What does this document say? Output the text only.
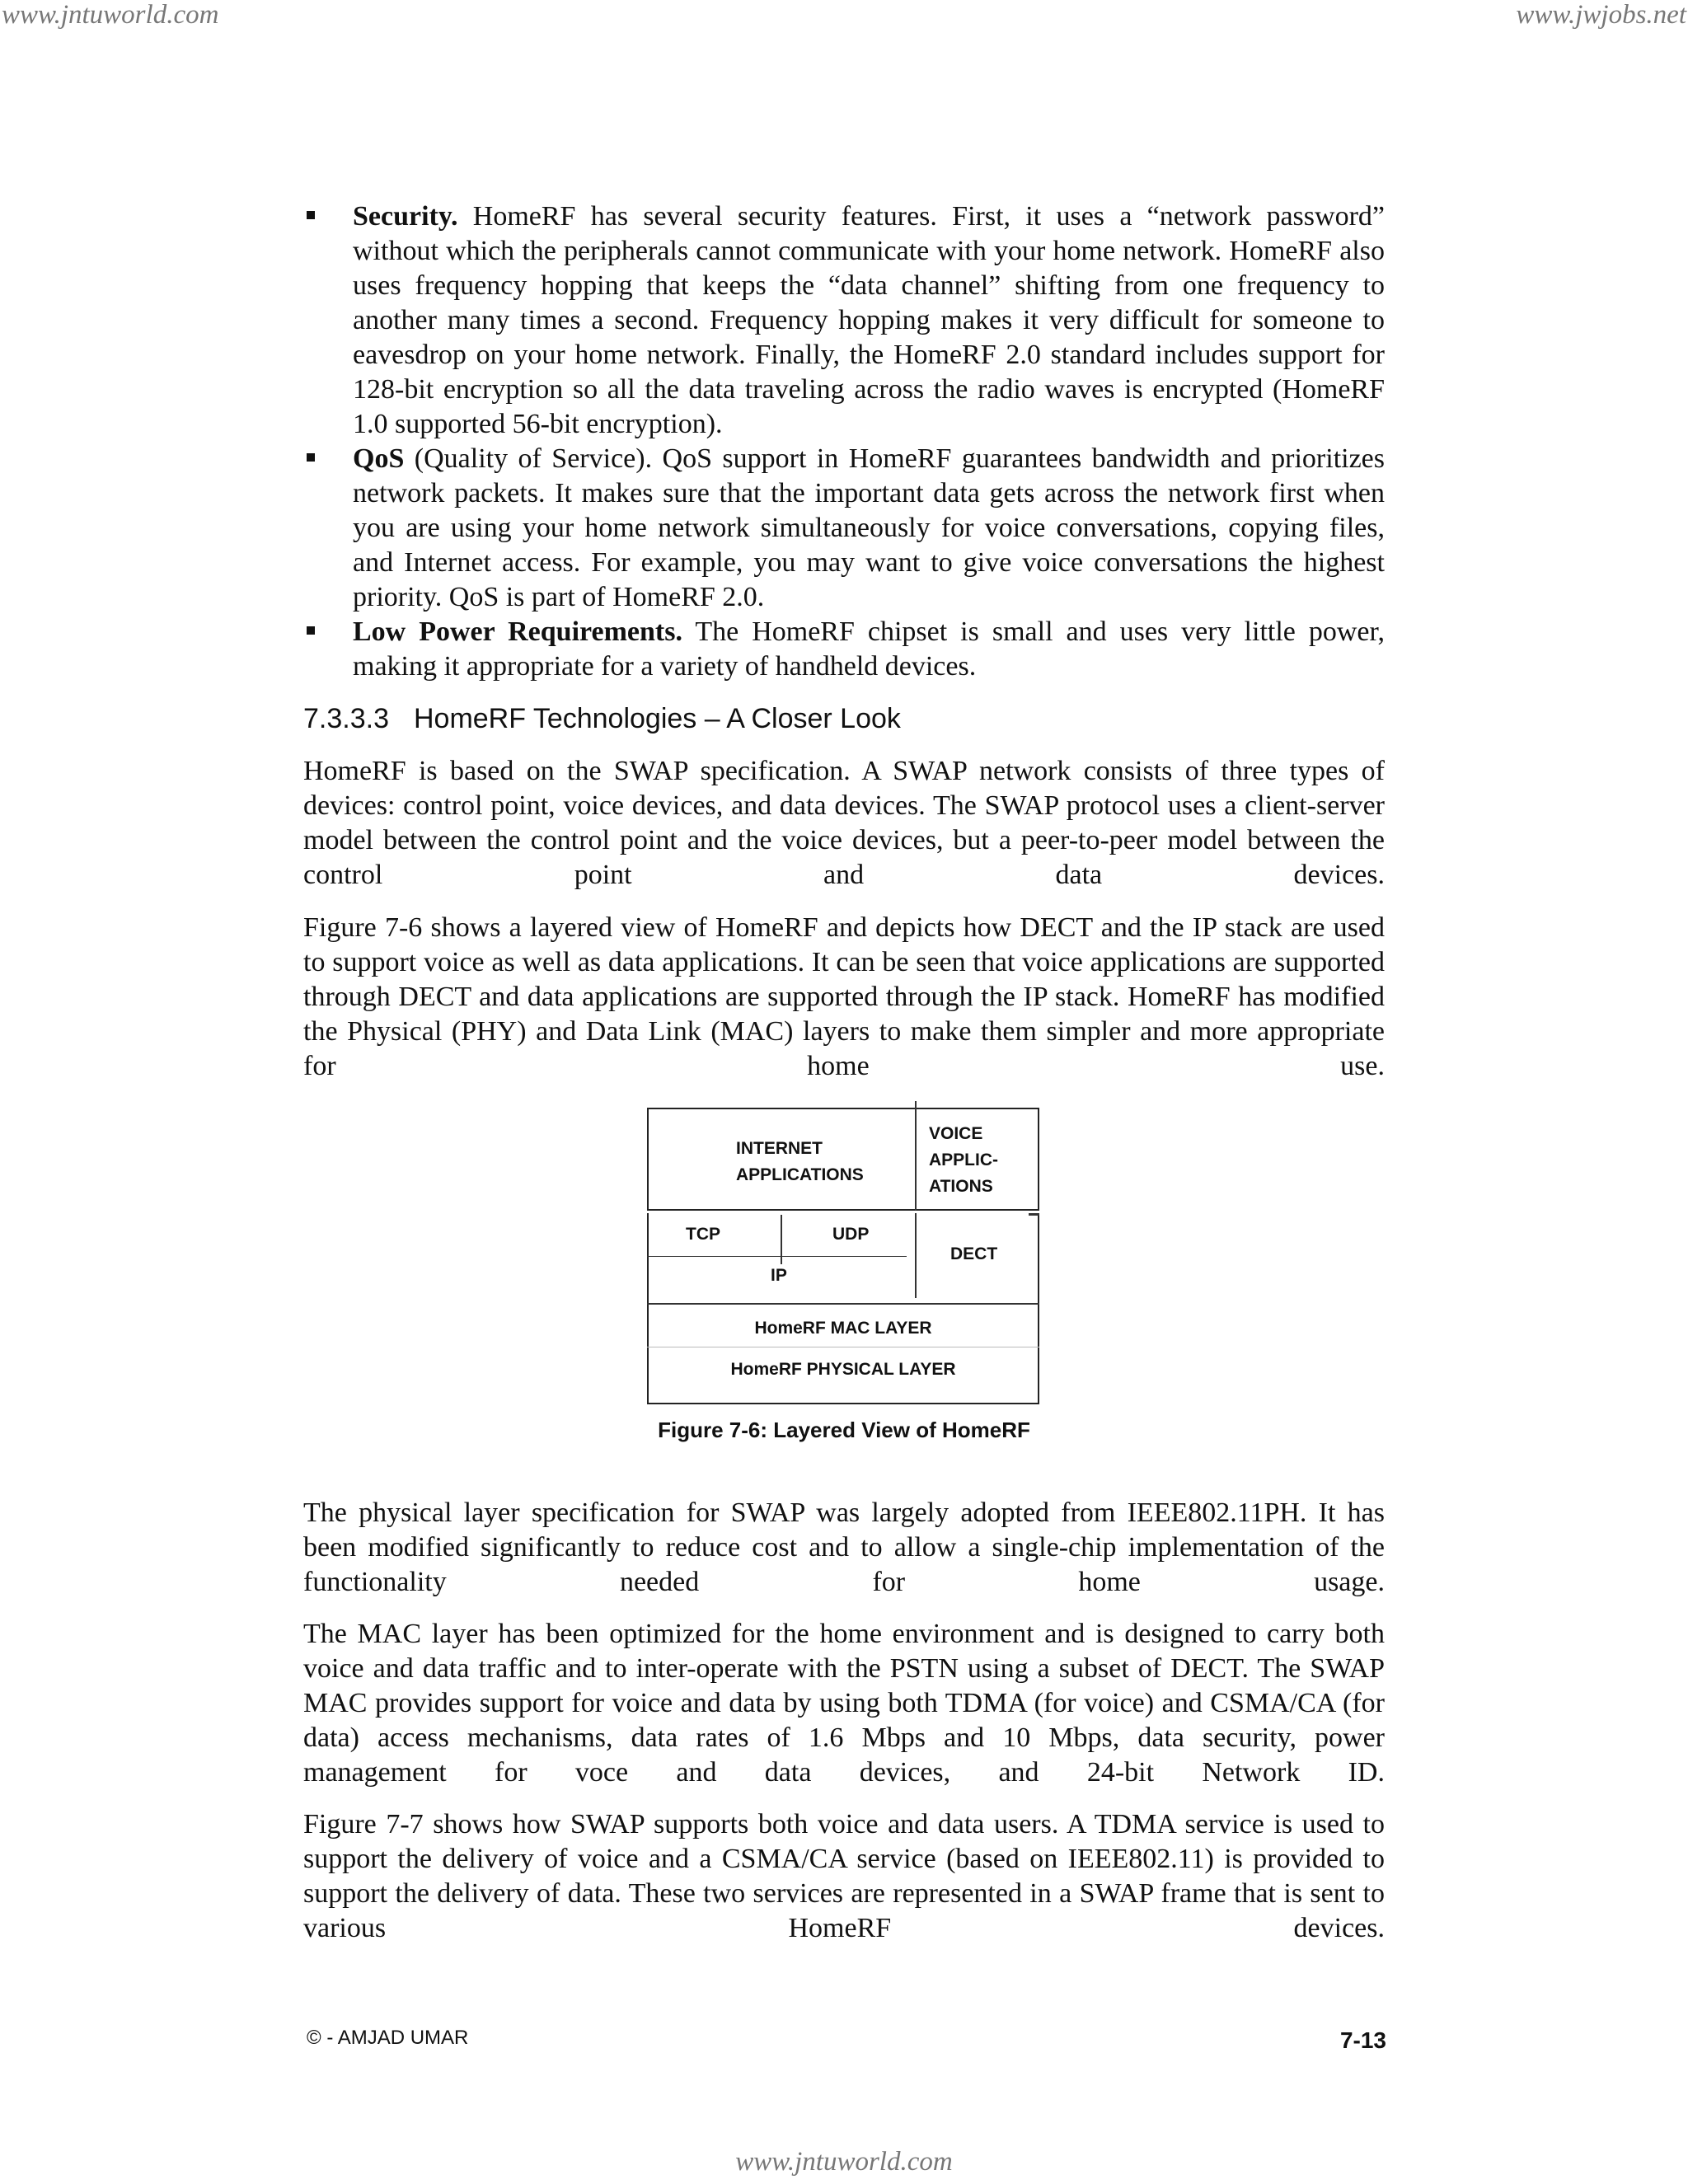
www.jntuworld.com	www.jwjobs.net
Security. HomeRF has several security features. First, it uses a “network password” without which the peripherals cannot communicate with your home network. HomeRF also uses frequency hopping that keeps the “data channel” shifting from one frequency to another many times a second. Frequency hopping makes it very difficult for someone to eavesdrop on your home network. Finally, the HomeRF 2.0 standard includes support for 128-bit encryption so all the data traveling across the radio waves is encrypted (HomeRF 1.0 supported 56-bit encryption).
QoS (Quality of Service). QoS support in HomeRF guarantees bandwidth and prioritizes network packets. It makes sure that the important data gets across the network first when you are using your home network simultaneously for voice conversations, copying files, and Internet access. For example, you may want to give voice conversations the highest priority. QoS is part of HomeRF 2.0.
Low Power Requirements. The HomeRF chipset is small and uses very little power, making it appropriate for a variety of handheld devices.
7.3.3.3 HomeRF Technologies – A Closer Look

HomeRF is based on the SWAP specification. A SWAP network consists of three types of devices: control point, voice devices, and data devices. The SWAP protocol uses a client-server model between the control point and the voice devices, but a peer-to-peer model between the control point and data devices.

Figure 7-6 shows a layered view of HomeRF and depicts how DECT and the IP stack are used to support voice as well as data applications. It can be seen that voice applications are supported through DECT and data applications are supported through the IP stack. HomeRF has modified the Physical (PHY) and Data Link (MAC) layers to make them simpler and more appropriate for home use.

INTERNET
APPLICATIONS
VOICE
APPLIC-
ATIONS
TCP	UDP
IP
DECT
HomeRF MAC LAYER
HomeRF PHYSICAL LAYER
Figure 7-6: Layered View of HomeRF

The physical layer specification for SWAP was largely adopted from IEEE802.11PH. It has been modified significantly to reduce cost and to allow a single-chip implementation of the functionality needed for home usage.

The MAC layer has been optimized for the home environment and is designed to carry both voice and data traffic and to inter-operate with the PSTN using a subset of DECT. The SWAP MAC provides support for voice and data by using both TDMA (for voice) and CSMA/CA (for data) access mechanisms, data rates of 1.6 Mbps and 10 Mbps, data security, power management for voce and data devices, and 24-bit Network ID.

Figure 7-7 shows how SWAP supports both voice and data users. A TDMA service is used to support the delivery of voice and a CSMA/CA service (based on IEEE802.11) is provided to support the delivery of data. These two services are represented in a SWAP frame that is sent to various HomeRF devices.

© - AMJAD UMAR	7-13
www.jntuworld.com
